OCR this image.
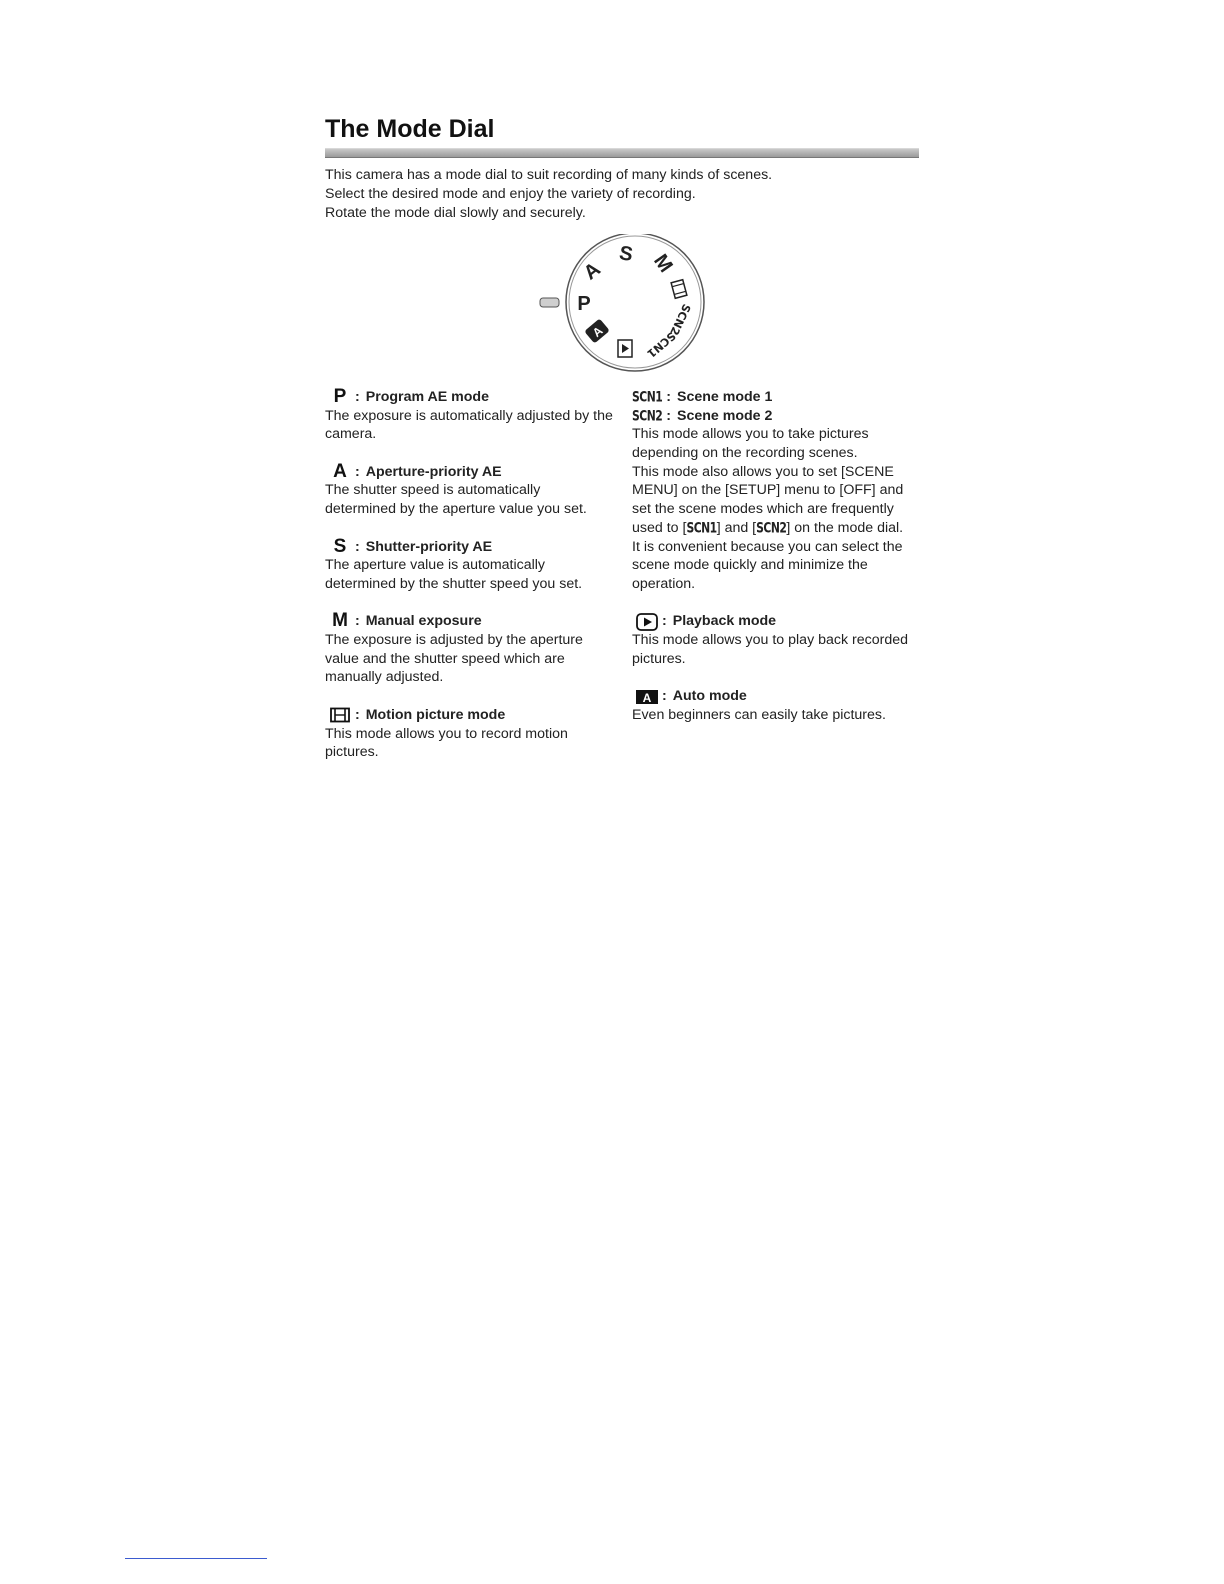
The Mode Dial

This camera has a mode dial to suit recording of many kinds of scenes.

Select the desired mode and enjoy the variety of recording.

Rotate the mode dial slowly and securely.

S
A
P
M
SCN2
SCN1
A
P : Program AE mode

The exposure is automatically adjusted by the camera.

A : Aperture-priority AE

The shutter speed is automatically determined by the aperture value you set.

S : Shutter-priority AE

The aperture value is automatically determined by the shutter speed you set.

M : Manual exposure

The exposure is adjusted by the aperture value and the shutter speed which are manually adjusted.

: Motion picture mode

This mode allows you to record motion pictures.

SCN1 : Scene mode 1
SCN2 : Scene mode 2

This mode allows you to take pictures depending on the recording scenes.

This mode also allows you to set [SCENE MENU] on the [SETUP] menu to [OFF] and set the scene modes which are frequently used to [SCN1] and [SCN2] on the mode dial.

It is convenient because you can select the scene mode quickly and minimize the operation.

: Playback mode

This mode allows you to play back recorded pictures.

A : Auto mode

Even beginners can easily take pictures.
